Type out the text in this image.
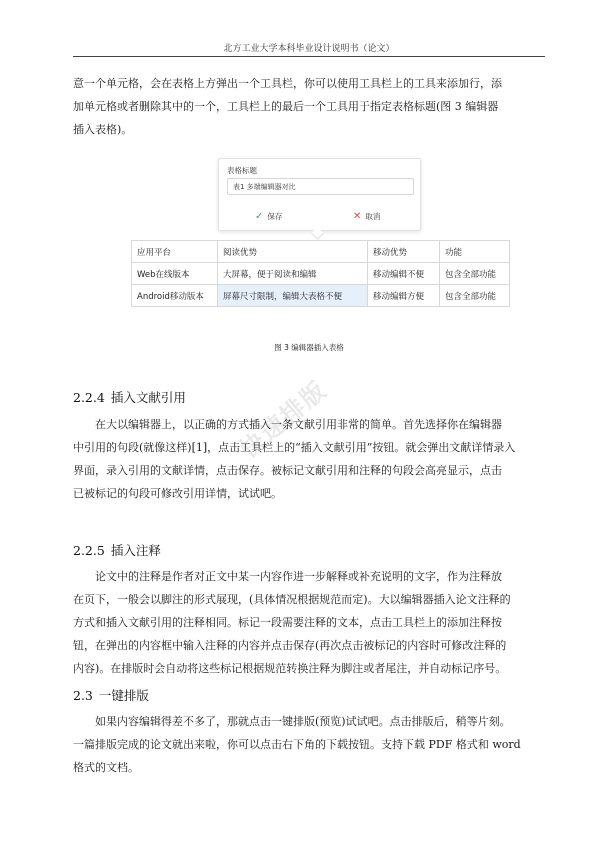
北方工业大学本科毕业设计说明书（论文）
意一个单元格，会在表格上方弹出一个工具栏，你可以使用工具栏上的工具来添加行，添
加单元格或者删除其中的一个，工具栏上的最后一个工具用于指定表格标题(图 3 编辑器
插入表格)。
表格标题
表1 多端编辑器对比
✓ 保存	✕ 取消
应用平台	阅读优势	移动优势	功能
Web在线版本	大屏幕，便于阅读和编辑	移动编辑不便	包含全部功能
Android移动版本	屏幕尺寸限制，编辑大表格不便	移动编辑方便	包含全部功能
图 3 编辑器插入表格
快速排版
2.2.4 插入文献引用
在大以编辑器上，以正确的方式插入一条文献引用非常的简单。首先选择你在编辑器
中引用的句段(就像这样)[1]，点击工具栏上的“插入文献引用”按钮。就会弹出文献详情录入
界面，录入引用的文献详情，点击保存。被标记文献引用和注释的句段会高亮显示，点击
已被标记的句段可修改引用详情，试试吧。
2.2.5 插入注释
论文中的注释是作者对正文中某一内容作进一步解释或补充说明的文字，作为注释放
在页下，一般会以脚注的形式展现，(具体情况根据规范而定)。大以编辑器插入论文注释的
方式和插入文献引用的注释相同。标记一段需要注释的文本，点击工具栏上的添加注释按
钮，在弹出的内容框中输入注释的内容并点击保存(再次点击被标记的内容时可修改注释的
内容)。在排版时会自动将这些标记根据规范转换注释为脚注或者尾注，并自动标记序号。
2.3 一键排版
如果内容编辑得差不多了，那就点击一键排版(预览)试试吧。点击排版后，稍等片刻。
一篇排版完成的论文就出来啦，你可以点击右下角的下载按钮。支持下载 PDF 格式和 word
格式的文档。
